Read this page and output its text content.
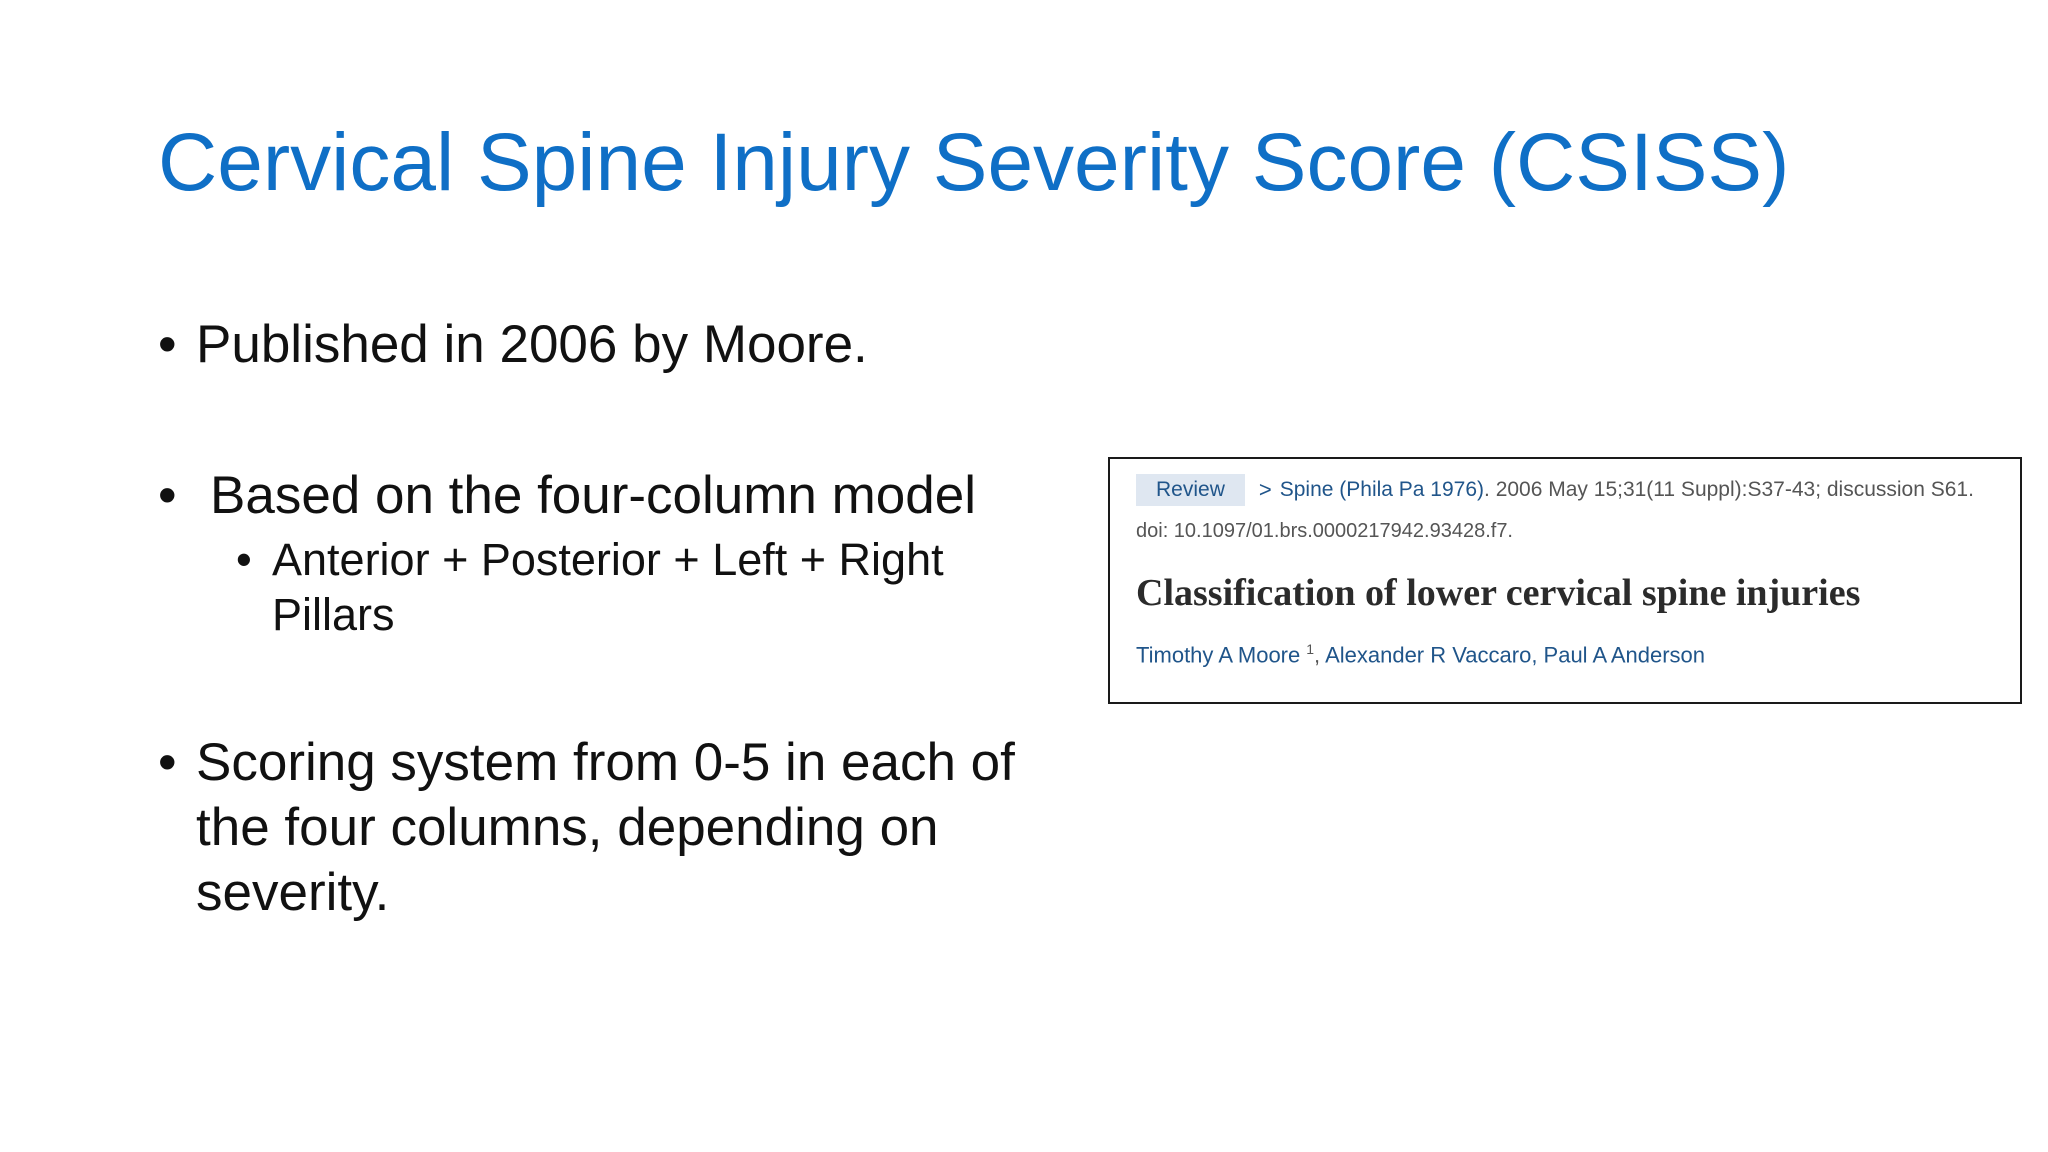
Cervical Spine Injury Severity Score (CSISS)
• Published in 2006 by Moore.
• Based on the four-column model
• Anterior + Posterior + Left + Right Pillars
• Scoring system from 0-5 in each of the four columns, depending on severity.
Review	> Spine (Phila Pa 1976) . 2006 May 15;31(11 Suppl):S37-43; discussion S61.
doi: 10.1097/01.brs.0000217942.93428.f7.
Classification of lower cervical spine injuries
Timothy A Moore $^1$, Alexander R Vaccaro, Paul A Anderson
